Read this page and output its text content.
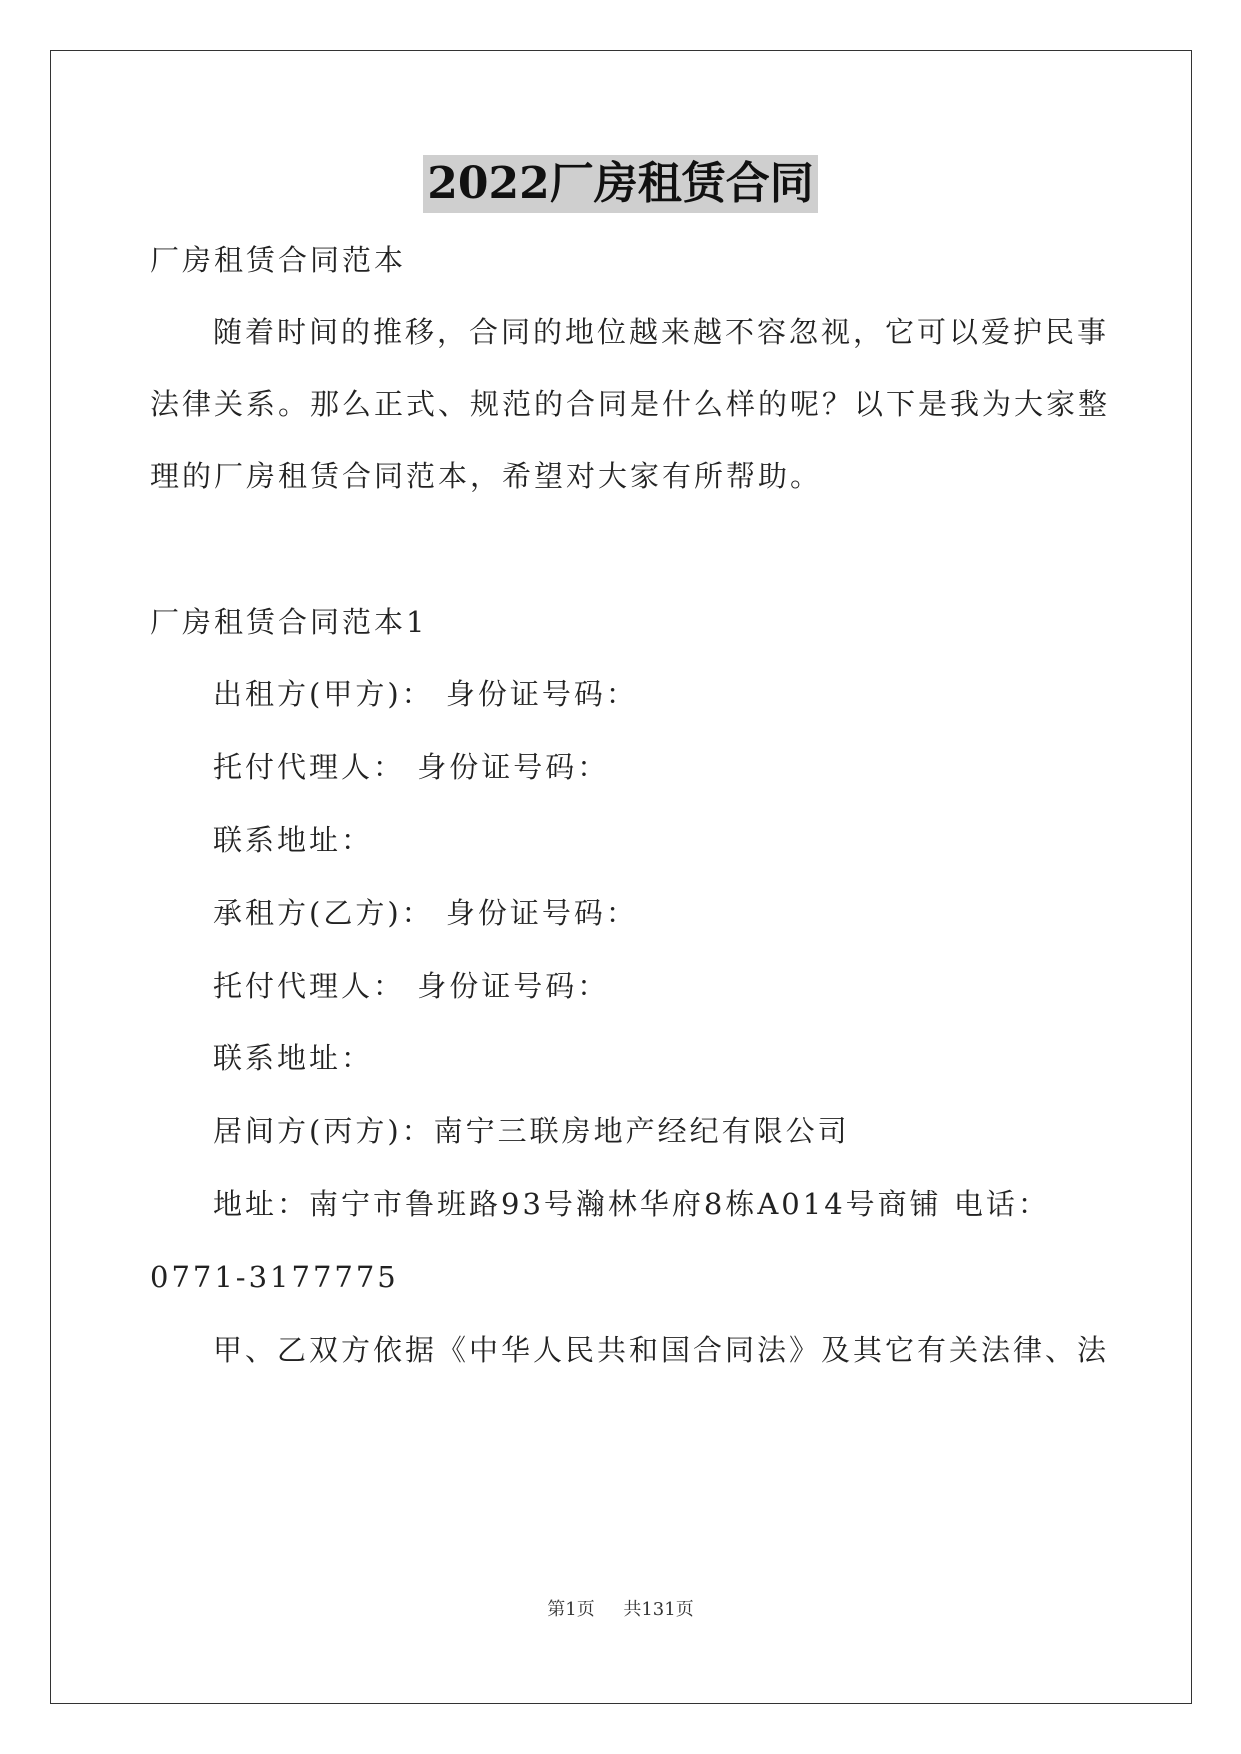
2022厂房租赁合同
厂房租赁合同范本
随着时间的推移，合同的地位越来越不容忽视，它可以爱护民事
法律关系。那么正式、规范的合同是什么样的呢？以下是我为大家整
理的厂房租赁合同范本，希望对大家有所帮助。
厂房租赁合同范本1
出租方(甲方)： 身份证号码：
托付代理人： 身份证号码：
联系地址：
承租方(乙方)： 身份证号码：
托付代理人： 身份证号码：
联系地址：
居间方(丙方)：南宁三联房地产经纪有限公司
地址：南宁市鲁班路93号瀚林华府8栋A014号商铺 电话：
0771-3177775
甲、乙双方依据《中华人民共和国合同法》及其它有关法律、法
第1页 共131页
